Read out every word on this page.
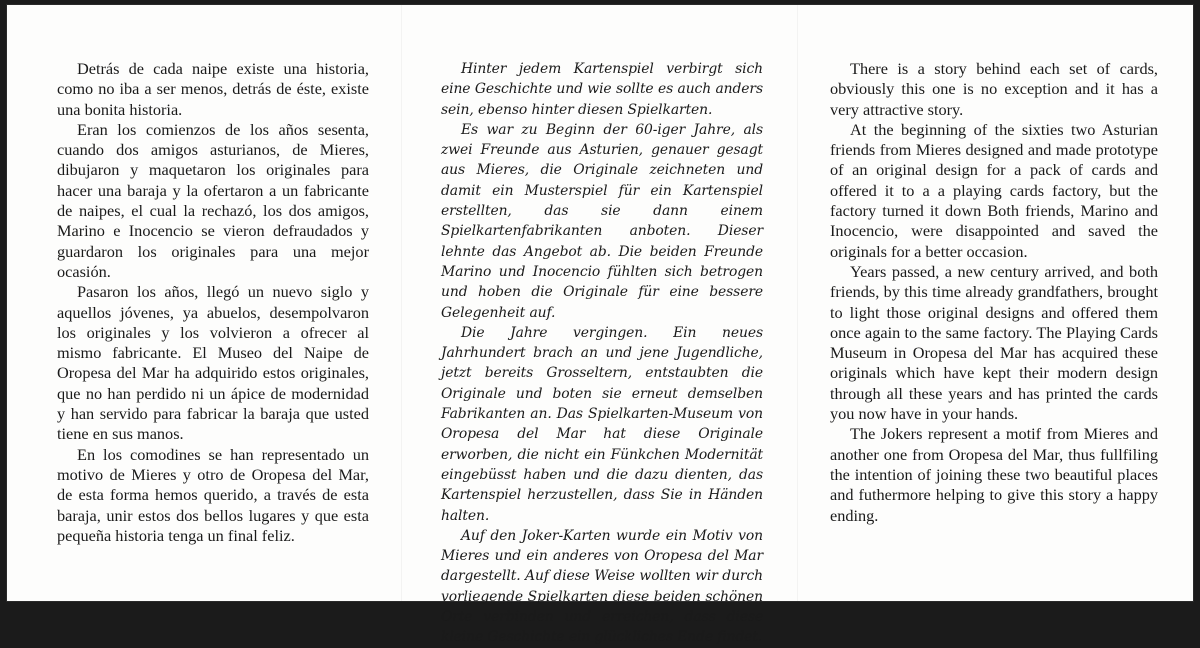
Detrás de cada naipe existe una historia, como no iba a ser menos, detrás de éste, existe una bonita historia.

Eran los comienzos de los años sesenta, cuando dos amigos asturianos, de Mieres, dibujaron y maquetaron los originales para hacer una baraja y la ofertaron a un fabricante de naipes, el cual la rechazó, los dos amigos, Marino e Inocencio se vieron defraudados y guardaron los originales para una mejor ocasión.

Pasaron los años, llegó un nuevo siglo y aquellos jóvenes, ya abuelos, desempolvaron los originales y los volvieron a ofrecer al mismo fabricante. El Museo del Naipe de Oropesa del Mar ha adquirido estos originales, que no han perdido ni un ápice de modernidad y han servido para fabricar la baraja que usted tiene en sus manos.

En los comodines se han representado un motivo de Mieres y otro de Oropesa del Mar, de esta forma hemos querido, a través de esta baraja, unir estos dos bellos lugares y que esta pequeña historia tenga un final feliz.

Hinter jedem Kartenspiel verbirgt sich eine Geschichte und wie sollte es auch anders sein, ebenso hinter diesen Spielkarten.

Es war zu Beginn der 60-iger Jahre, als zwei Freunde aus Asturien, genauer gesagt aus Mieres, die Originale zeichneten und damit ein Musterspiel für ein Kartenspiel erstellten, das sie dann einem Spielkartenfabrikanten anboten. Dieser lehnte das Angebot ab. Die beiden Freunde Marino und Inocencio fühlten sich betrogen und hoben die Originale für eine bessere Gelegenheit auf.

Die Jahre vergingen. Ein neues Jahrhundert brach an und jene Jugendliche, jetzt bereits Grosseltern, entstaubten die Originale und boten sie erneut demselben Fabrikanten an. Das Spielkarten-Museum von Oropesa del Mar hat diese Originale erworben, die nicht ein Fünkchen Modernität eingebüsst haben und die dazu dienten, das Kartenspiel herzustellen, dass Sie in Händen halten.

Auf den Joker-Karten wurde ein Motiv von Mieres und ein anderes von Oropesa del Mar dargestellt. Auf diese Weise wollten wir durch vorliegende Spielkarten diese beiden schönen Orte verbinden und erreichen, dass diese kleine Geschichte ein glückliches Ende findet.

There is a story behind each set of cards, obviously this one is no exception and it has a very attractive story.

At the beginning of the sixties two Asturian friends from Mieres designed and made prototype of an original design for a pack of cards and offered it to a a playing cards factory, but the factory turned it down Both friends, Marino and Inocencio, were disappointed and saved the originals for a better occasion.

Years passed, a new century arrived, and both friends, by this time already grandfathers, brought to light those original designs and offered them once again to the same factory. The Playing Cards Museum in Oropesa del Mar has acquired these originals which have kept their modern design through all these years and has printed the cards you now have in your hands.

The Jokers represent a motif from Mieres and another one from Oropesa del Mar, thus fullfiling the intention of joining these two beautiful places and futhermore helping to give this story a happy ending.
